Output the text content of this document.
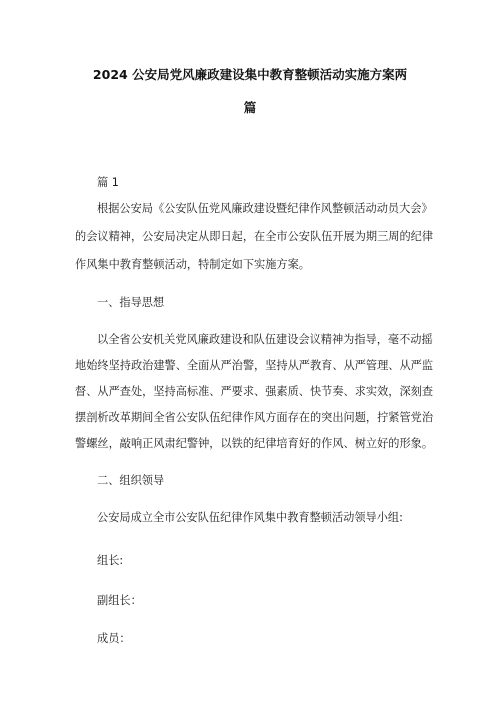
2024 公安局党风廉政建设集中教育整顿活动实施方案两
篇
篇 1
根据公安局《公安队伍党风廉政建设暨纪律作风整顿活动动员大会》
的会议精神，公安局决定从即日起，在全市公安队伍开展为期三周的纪律
作风集中教育整顿活动，特制定如下实施方案。
一、指导思想
以全省公安机关党风廉政建设和队伍建设会议精神为指导，毫不动摇
地始终坚持政治建警、全面从严治警，坚持从严教育、从严管理、从严监
督、从严查处，坚持高标准、严要求、强素质、快节奏、求实效，深刻查
摆剖析改革期间全省公安队伍纪律作风方面存在的突出问题，拧紧管党治
警螺丝，敲响正风肃纪警钟，以铁的纪律培育好的作风、树立好的形象。
二、组织领导
公安局成立全市公安队伍纪律作风集中教育整顿活动领导小组:
组长:
副组长：
成员：
